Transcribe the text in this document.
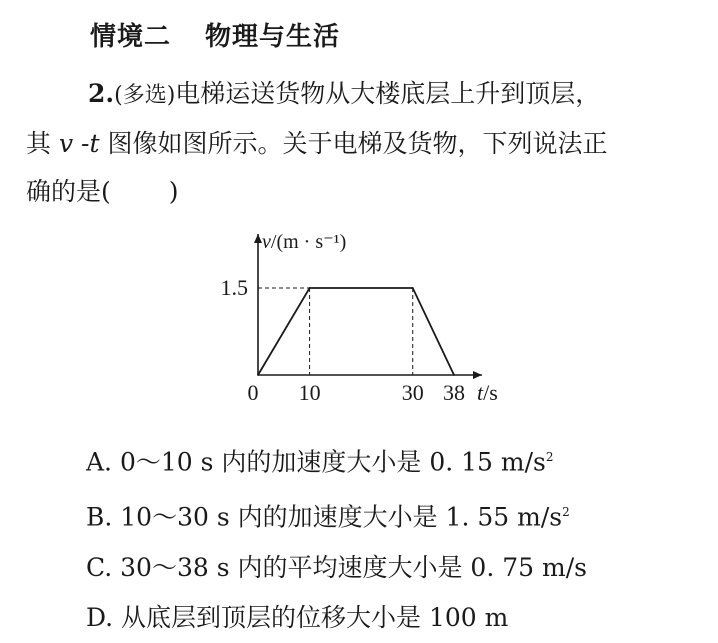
情境二 物理与生活
2.(多选)电梯运送货物从大楼底层上升到顶层，
其 v -t 图像如图所示。关于电梯及货物，下列说法正
确的是( )
10	30 38
1.5
v/(m · s⁻¹)
t/s
0
A. 0～10 s 内的加速度大小是 0. 15 $m/s^2$
B. 10～30 s 内的加速度大小是 1. 55 $m/s^2$
C. 30～38 s 内的平均速度大小是 0. 75 m/s
D. 从底层到顶层的位移大小是 100 m
